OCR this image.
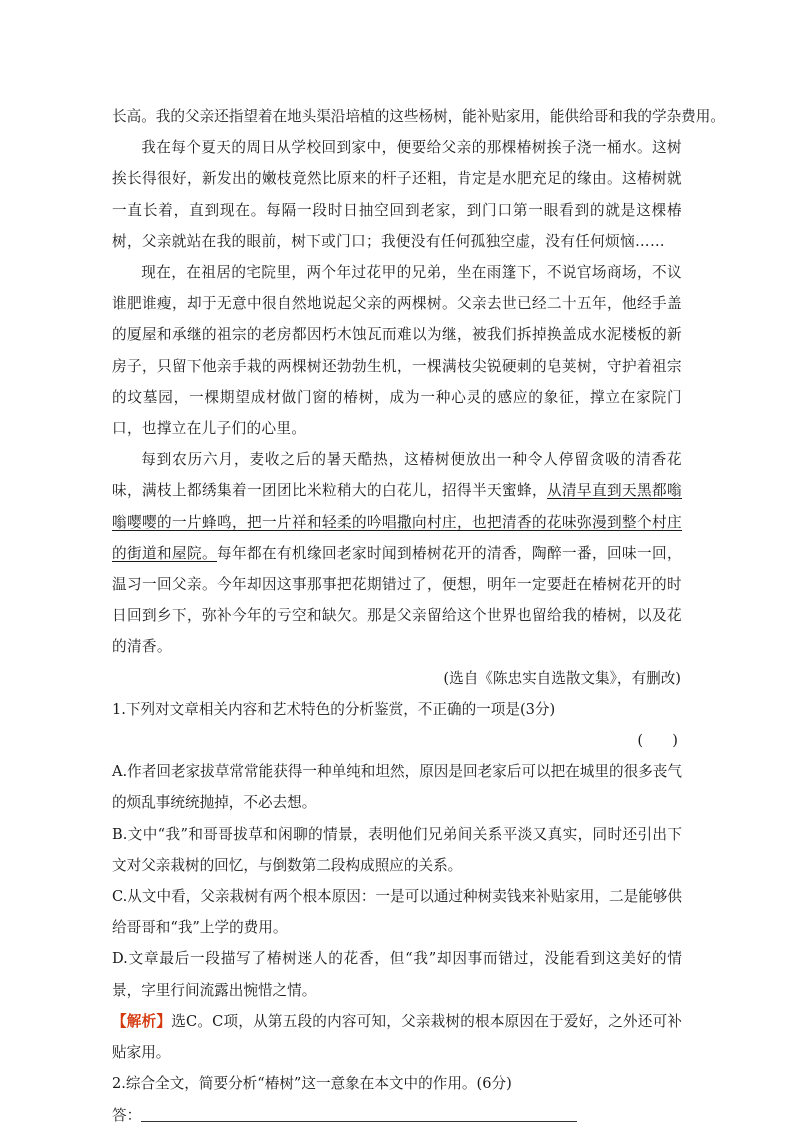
长高。我的父亲还指望着在地头渠沿培植的这些杨树，能补贴家用，能供给哥和我的学杂费用。

我在每个夏天的周日从学校回到家中，便要给父亲的那棵椿树挨子浇一桶水。这树挨长得很好，新发出的嫩枝竟然比原来的杆子还粗，肯定是水肥充足的缘由。这椿树就一直长着，直到现在。每隔一段时日抽空回到老家，到门口第一眼看到的就是这棵椿树，父亲就站在我的眼前，树下或门口；我便没有任何孤独空虚，没有任何烦恼……

现在，在祖居的宅院里，两个年过花甲的兄弟，坐在雨篷下，不说官场商场，不议谁肥谁瘦，却于无意中很自然地说起父亲的两棵树。父亲去世已经二十五年，他经手盖的厦屋和承继的祖宗的老房都因朽木蚀瓦而难以为继，被我们拆掉换盖成水泥楼板的新房子，只留下他亲手栽的两棵树还勃勃生机，一棵满枝尖锐硬刺的皂荚树，守护着祖宗的坟墓园，一棵期望成材做门窗的椿树，成为一种心灵的感应的象征，撑立在家院门口，也撑立在儿子们的心里。

每到农历六月，麦收之后的暑天酷热，这椿树便放出一种令人停留贪吸的清香花味，满枝上都绣集着一团团比米粒稍大的白花儿，招得半天蜜蜂，从清早直到天黑都嗡嗡嘤嘤的一片蜂鸣，把一片祥和轻柔的吟唱撒向村庄，也把清香的花味弥漫到整个村庄的街道和屋院。每年都在有机缘回老家时闻到椿树花开的清香，陶醉一番，回味一回，温习一回父亲。今年却因这事那事把花期错过了，便想，明年一定要赶在椿树花开的时日回到乡下，弥补今年的亏空和缺欠。那是父亲留给这个世界也留给我的椿树，以及花的清香。

(选自《陈忠实自选散文集》，有删改)

1.下列对文章相关内容和艺术特色的分析鉴赏，不正确的一项是(3分)

(　　)

A.作者回老家拔草常常能获得一种单纯和坦然，原因是回老家后可以把在城里的很多丧气的烦乱事统统抛掉，不必去想。

B.文中“我”和哥哥拔草和闲聊的情景，表明他们兄弟间关系平淡又真实，同时还引出下文对父亲栽树的回忆，与倒数第二段构成照应的关系。

C.从文中看，父亲栽树有两个根本原因：一是可以通过种树卖钱来补贴家用，二是能够供给哥哥和“我”上学的费用。

D.文章最后一段描写了椿树迷人的花香，但“我”却因事而错过，没能看到这美好的情景，字里行间流露出惋惜之情。

【解析】选C。C项，从第五段的内容可知，父亲栽树的根本原因在于爱好，之外还可补贴家用。

2.综合全文，简要分析“椿树”这一意象在本文中的作用。(6分)

答：
